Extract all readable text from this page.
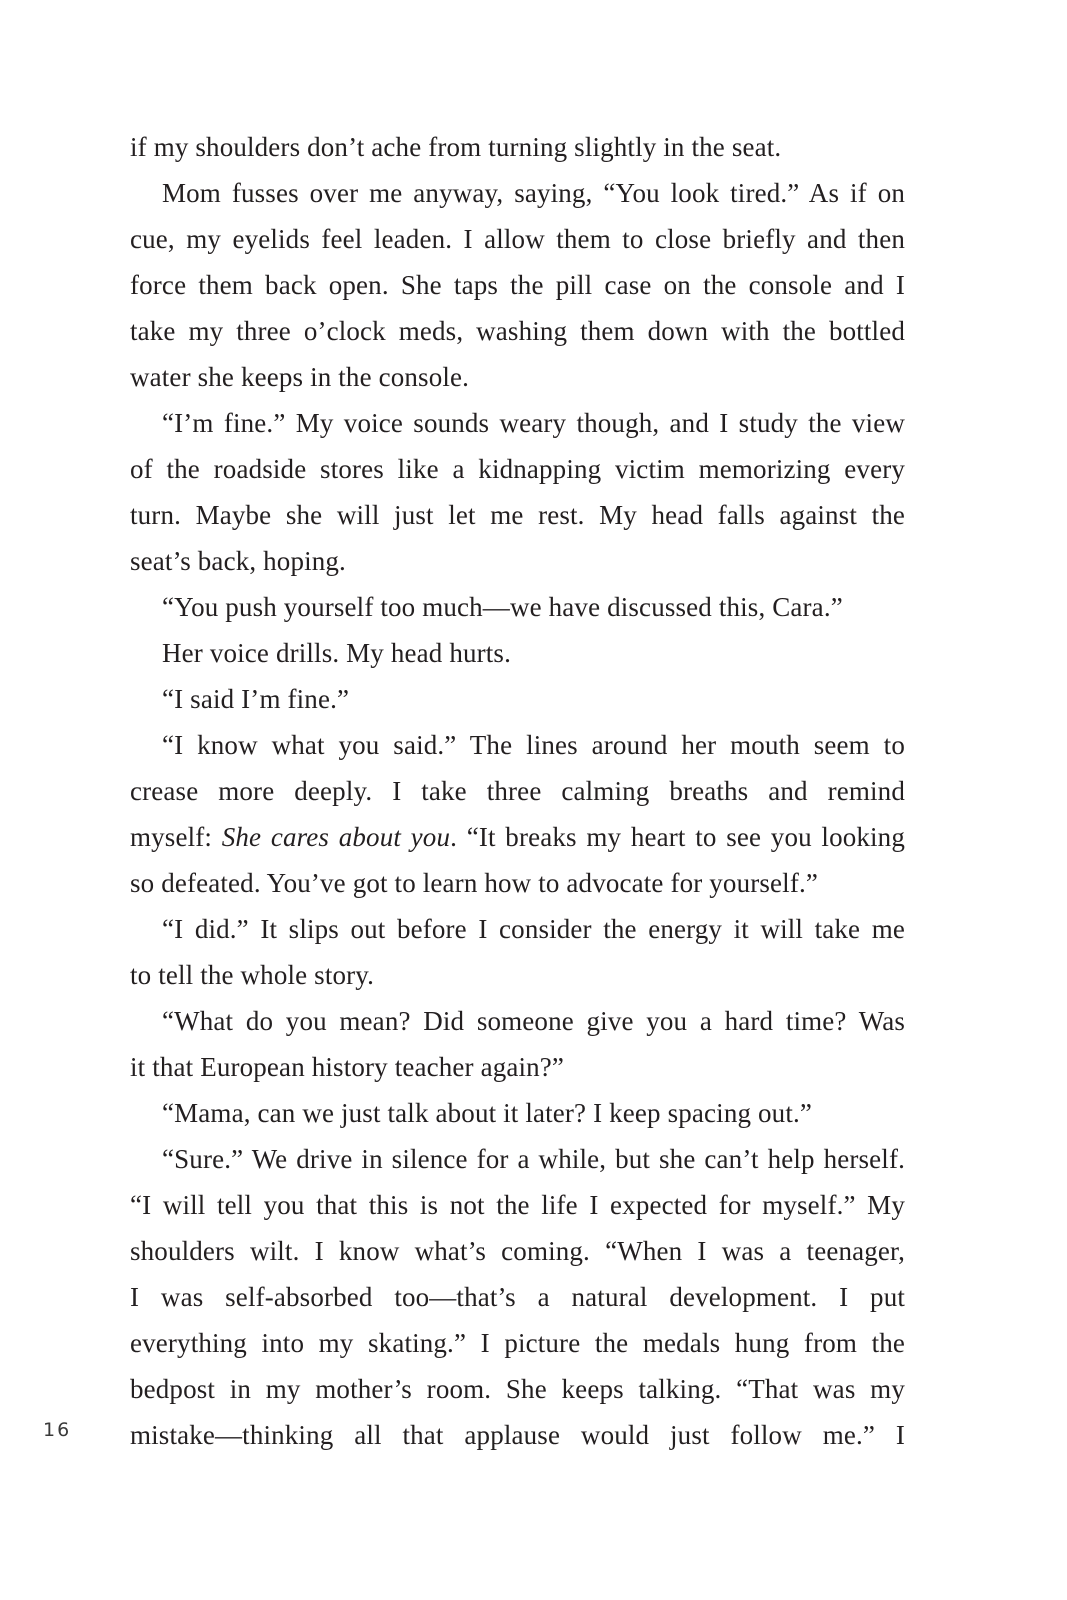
if my shoulders don’t ache from turning slightly in the seat.
Mom fusses over me anyway, saying, “You look tired.” As if on
cue, my eyelids feel leaden. I allow them to close briefly and then
force them back open. She taps the pill case on the console and I
take my three o’clock meds, washing them down with the bottled
water she keeps in the console.
“I’m fine.” My voice sounds weary though, and I study the view
of the roadside stores like a kidnapping victim memorizing every
turn. Maybe she will just let me rest. My head falls against the
seat’s back, hoping.
“You push yourself too much—we have discussed this, Cara.”
Her voice drills. My head hurts.
“I said I’m fine.”
“I know what you said.” The lines around her mouth seem to
crease more deeply. I take three calming breaths and remind
myself: She cares about you. “It breaks my heart to see you looking
so defeated. You’ve got to learn how to advocate for yourself.”
“I did.” It slips out before I consider the energy it will take me
to tell the whole story.
“What do you mean? Did someone give you a hard time? Was
it that European history teacher again?”
“Mama, can we just talk about it later? I keep spacing out.”
“Sure.” We drive in silence for a while, but she can’t help herself.
“I will tell you that this is not the life I expected for myself.” My
shoulders wilt. I know what’s coming. “When I was a teenager,
I was self-absorbed too—that’s a natural development. I put
everything into my skating.” I picture the medals hung from the
bedpost in my mother’s room. She keeps talking. “That was my
mistake—thinking all that applause would just follow me.” I
16
